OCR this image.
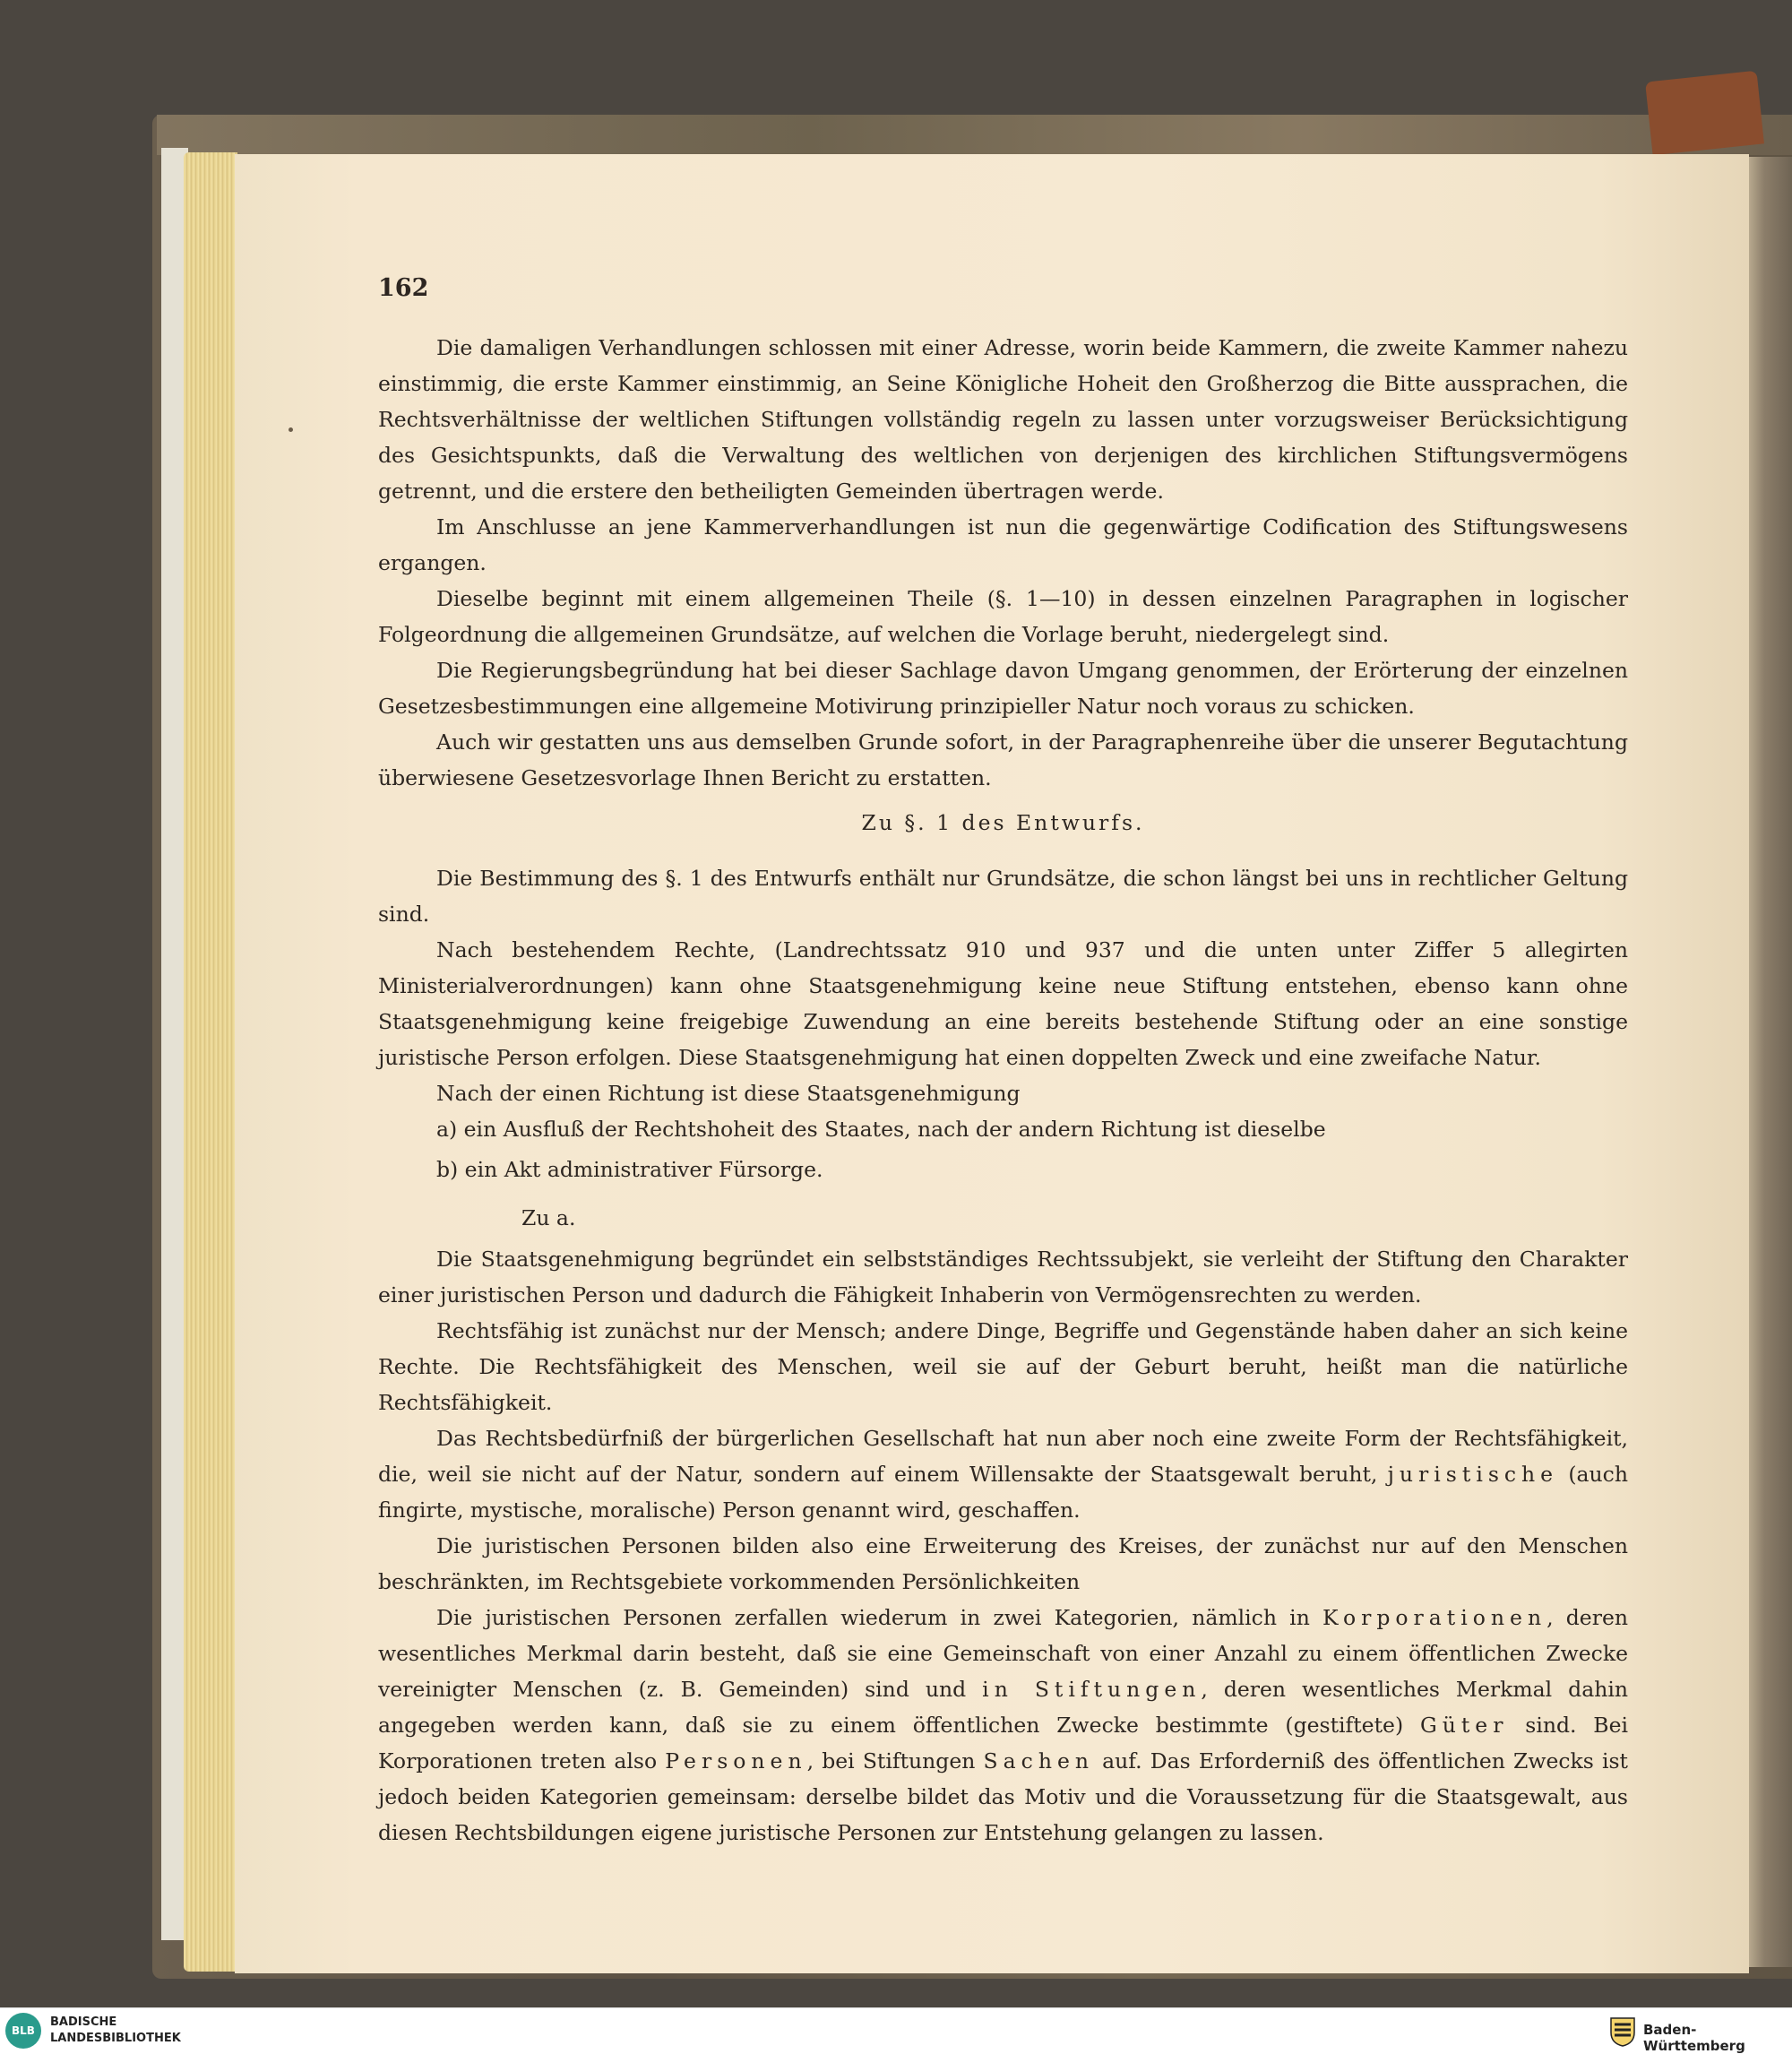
162

Die damaligen Verhandlungen schlossen mit einer Adresse, worin beide Kammern, die zweite Kammer nahezu einstimmig, die erste Kammer einstimmig, an Seine Königliche Hoheit den Großherzog die Bitte aussprachen, die Rechtsverhältnisse der weltlichen Stiftungen vollständig regeln zu lassen unter vorzugsweiser Berücksichtigung des Gesichtspunkts, daß die Verwaltung des weltlichen von derjenigen des kirchlichen Stiftungsvermögens getrennt, und die erstere den betheiligten Gemeinden übertragen werde.

Im Anschlusse an jene Kammerverhandlungen ist nun die gegenwärtige Codification des Stiftungswesens ergangen.

Dieselbe beginnt mit einem allgemeinen Theile (§. 1—10) in dessen einzelnen Paragraphen in logischer Folgeordnung die allgemeinen Grundsätze, auf welchen die Vorlage beruht, niedergelegt sind.

Die Regierungsbegründung hat bei dieser Sachlage davon Umgang genommen, der Erörterung der einzelnen Gesetzesbestimmungen eine allgemeine Motivirung prinzipieller Natur noch voraus zu schicken.

Auch wir gestatten uns aus demselben Grunde sofort, in der Paragraphenreihe über die unserer Begutachtung überwiesene Gesetzesvorlage Ihnen Bericht zu erstatten.

Zu §. 1 des Entwurfs.

Die Bestimmung des §. 1 des Entwurfs enthält nur Grundsätze, die schon längst bei uns in rechtlicher Geltung sind.

Nach bestehendem Rechte, (Landrechtssatz 910 und 937 und die unten unter Ziffer 5 allegirten Ministerialverordnungen) kann ohne Staatsgenehmigung keine neue Stiftung entstehen, ebenso kann ohne Staatsgenehmigung keine freigebige Zuwendung an eine bereits bestehende Stiftung oder an eine sonstige juristische Person erfolgen. Diese Staatsgenehmigung hat einen doppelten Zweck und eine zweifache Natur.

Nach der einen Richtung ist diese Staatsgenehmigung

a) ein Ausfluß der Rechtshoheit des Staates, nach der andern Richtung ist dieselbe

b) ein Akt administrativer Fürsorge.

Zu a.

Die Staatsgenehmigung begründet ein selbstständiges Rechtssubjekt, sie verleiht der Stiftung den Charakter einer juristischen Person und dadurch die Fähigkeit Inhaberin von Vermögensrechten zu werden.

Rechtsfähig ist zunächst nur der Mensch; andere Dinge, Begriffe und Gegenstände haben daher an sich keine Rechte. Die Rechtsfähigkeit des Menschen, weil sie auf der Geburt beruht, heißt man die natürliche Rechtsfähigkeit.

Das Rechtsbedürfniß der bürgerlichen Gesellschaft hat nun aber noch eine zweite Form der Rechtsfähigkeit, die, weil sie nicht auf der Natur, sondern auf einem Willensakte der Staatsgewalt beruht, juristische (auch fingirte, mystische, moralische) Person genannt wird, geschaffen.

Die juristischen Personen bilden also eine Erweiterung des Kreises, der zunächst nur auf den Menschen beschränkten, im Rechtsgebiete vorkommenden Persönlichkeiten

Die juristischen Personen zerfallen wiederum in zwei Kategorien, nämlich in Korporationen, deren wesentliches Merkmal darin besteht, daß sie eine Gemeinschaft von einer Anzahl zu einem öffentlichen Zwecke vereinigter Menschen (z. B. Gemeinden) sind und in Stiftungen, deren wesentliches Merkmal dahin angegeben werden kann, daß sie zu einem öffentlichen Zwecke bestimmte (gestiftete) Güter sind. Bei Korporationen treten also Personen, bei Stiftungen Sachen auf. Das Erforderniß des öffentlichen Zwecks ist jedoch beiden Kategorien gemeinsam: derselbe bildet das Motiv und die Voraussetzung für die Staatsgewalt, aus diesen Rechtsbildungen eigene juristische Personen zur Entstehung gelangen zu lassen.

BLB
BADISCHE
LANDESBIBLIOTHEK
Baden-Württemberg
